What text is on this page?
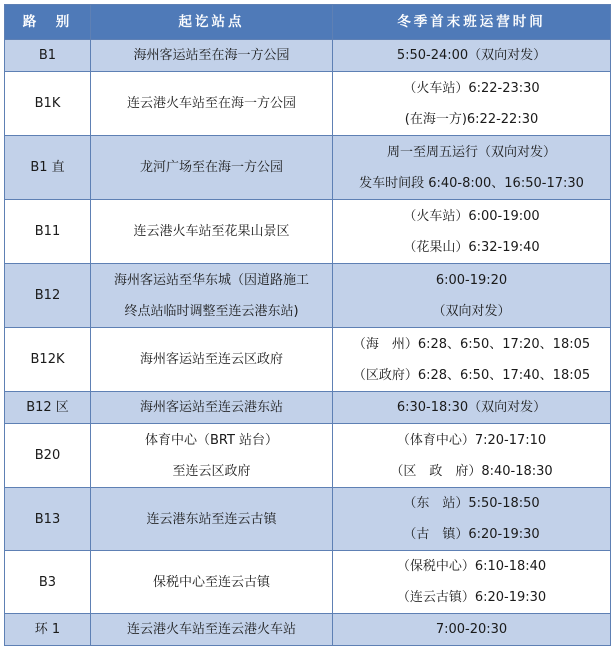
路　别	起讫站点	冬季首末班运营时间
B1	海州客运站至在海一方公园	5:50-24:00（双向对发）

B1K	连云港火车站至在海一方公园	（火车站）6:22-23:30
(在海一方)6:22-22:30

B1 直	龙河广场至在海一方公园	周一至周五运行（双向对发）
发车时间段 6:40-8:00、16:50-17:30

B11	连云港火车站至花果山景区	（火车站）6:00-19:00
（花果山）6:32-19:40

B12	海州客运站至华东城（因道路施工
终点站临时调整至连云港东站)	6:00-19:20
（双向对发）

B12K	海州客运站至连云区政府	（海　州）6:28、6:50、17:20、18:05
（区政府）6:28、6:50、17:40、18:05

B12 区	海州客运站至连云港东站	6:30-18:30（双向对发）

B20	体育中心（BRT 站台）
至连云区政府	（体育中心）7:20-17:10
（区　政　府）8:40-18:30

B13	连云港东站至连云古镇	（东　站）5:50-18:50
（古　镇）6:20-19:30

B3	保税中心至连云古镇	（保税中心）6:10-18:40
（连云古镇）6:20-19:30

环 1	连云港火车站至连云港火车站	7:00-20:30
